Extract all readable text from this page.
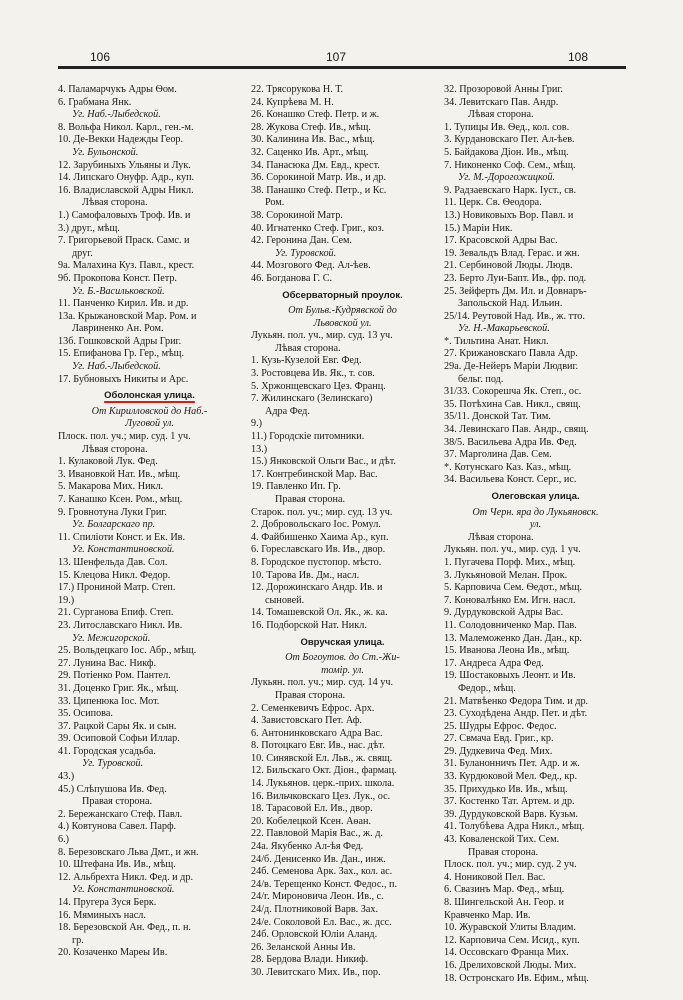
106	107	108
4. Паламарчукъ Адры Ѳом.
6. Грабмана Янк.
Уг. Наб.-Лыбедской.
8. Вольфа Никол. Карл., ген.-м.
10. Де-Векки Надежды Геор.
Уг. Бульонской.
12. Зарубиныхъ Ульяны и Лук.
14. Липскаго Онуфр. Адр., куп.
16. Владиславской Адры Никл.
Лѣвая сторона.
1.) Самофаловыхъ Троф. Ив. и
3.) друг., мѣщ.
7. Григорьевой Праск. Самс. и
друг.
9а. Малахина Куз. Павл., крест.
9б. Прокопова Конст. Петр.
Уг. Б.-Васильковской.
11. Панченко Кирил. Ив. и др.
13а. Крыжановской Мар. Ром. и
Лавриненко Ан. Ром.
13б. Гошковской Адры Григ.
15. Епифанова Гр. Гер., мѣщ.
Уг. Наб.-Лыбедской.
17. Бубновыхъ Никиты и Арс.
Оболонская улица.
От Кирилловской до Наб.-
Луговой ул.
Плоск. пол. уч.; мир. суд. 1 уч.
Лѣвая сторона.
1. Кулаковой Лук. Фед.
3. Ивановкой Нат. Ив., мѣщ.
5. Макарова Мих. Никл.
7. Канашко Ксен. Ром., мѣщ.
9. Гровнотуна Луки Григ.
Уг. Болгарскаго пр.
11. Спиліоти Конст. и Ек. Ив.
Уг. Константиновской.
13. Шенфельда Дав. Сол.
15. Клецова Никл. Федор.
17.) Прониной Матр. Степ.
19.)
21. Сурганова Епиф. Степ.
23. Литославскаго Никл. Ив.
Уг. Межигорской.
25. Вольдецкаго Іос. Абр., мѣщ.
27. Лунина Вас. Никф.
29. Потіенко Ром. Пантел.
31. Доценко Григ. Як., мѣщ.
33. Ципенюка Іос. Мот.
35. Осипова.
37. Рацкой Сары Як. и сын.
39. Осиповой Софьи Иллар.
41. Городская усадьба.
Уг. Туровской.
43.)
45.) Слѣпушова Ив. Фед.
Правая сторона.
2. Бережанскаго Стеф. Павл.
4.) Ковтунова Савел. Парф.
6.)
8. Березовскаго Льва Дмт., и жн.
10. Штефана Ив. Ив., мѣщ.
12. Альбрехта Никл. Фед. и др.
Уг. Константиновской.
14. Пругера Зуся Берк.
16. Мяминыхъ насл.
18. Березовской Ан. Фед., п. н.
гр.
20. Козаченко Мареы Ив.
22. Трясорукова Н. Т.
24. Купрѣева М. Н.
26. Конашко Стеф. Петр. и ж.
28. Жукова Стеф. Ив., мѣщ.
30. Калинина Ив. Вас., мѣщ.
32. Саценко Ив. Арт., мѣщ.
34. Панасюка Дм. Евд., крест.
36. Сорокиной Матр. Ив., и др.
38. Панашко Стеф. Петр., и Кс.
Ром.
38. Сорокиной Матр.
40. Игнатенко Стеф. Григ., коз.
42. Геронина Дан. Сем.
Уг. Туровской.
44. Мозгового Фед. Ал-ѣев.
46. Богданова Г. С.
Обсерваторный проулок.
От Бульв.-Кудрявской до
Львовской ул.
Лукьян. пол. уч., мир. суд. 13 уч.
Лѣвая сторона.
1. Кузь-Кузелой Евг. Фед.
3. Ростовцева Ив. Як., т. сов.
5. Хржонщевскаго Цез. Франц.
7. Жилинскаго (Зелинскаго)
Адра Фед.
9.)
11.) Городскіе питомники.
13.)
15.) Янковской Ольги Вас., и дѣт.
17. Контребинской Мар. Вас.
19. Павленко Ип. Гр.
Правая сторона.
Старок. пол. уч.; мир. суд. 13 уч.
2. Добровольскаго Іос. Ромул.
4. Файбишенко Хаима Ар., куп.
6. Гореславскаго Ив. Ив., двор.
8. Городское пустопор. мѣсто.
10. Тарова Ив. Дм., насл.
12. Дорожинскаго Андр. Ив. и
сыновей.
14. Томашевской Ол. Як., ж. ка.
16. Подборской Нат. Никл.
Овручская улица.
От Богоутов. до Ст.-Жи-
томір. ул.
Лукьян. пол. уч.; мир. суд. 14 уч.
Правая сторона.
2. Семенкевичъ Ефрос. Арх.
4. Завистовскаго Пет. Аф.
6. Антонинковскаго Адра Вас.
8. Потоцкаго Евг. Ив., нас. дѣт.
10. Синявской Ел. Льв., ж. свящ.
12. Бильскаго Окт. Діон., фармац.
14. Лукьянов. церк.-прих. школа.
16. Вильчковскаго Цез. Лук., ос.
18. Тарасовой Ел. Ив., двор.
20. Кобелецкой Ксен. Аѳан.
22. Павловой Марія Вас., ж. д.
24а. Якубенко Ал-ѣя Фед.
24/б. Денисенко Ив. Дан., инж.
24б. Семенова Арк. Зах., кол. ас.
24/в. Терещенко Конст. Федос., п.
24/г. Мироновича Леон. Ив., с.
24/д. Плотниковой Варв. Зах.
24/е. Соколовой Ел. Вас., ж. дсс.
24б. Орловской Юліи Аланд.
26. Зеланской Анны Ив.
28. Бердова Влади. Никиф.
30. Левитскаго Мих. Ив., пор.
32. Прозоровой Анны Григ.
34. Левитскаго Пав. Андр.
Лѣвая сторона.
1. Тупицы Ив. Ѳед., кол. сов.
3. Курдановскаго Пет. Ал-ѣев.
5. Байдакова Діон. Ив., мѣщ.
7. Никоненко Соф. Сем., мѣщ.
Уг. М.-Дорогожицкой.
9. Радзаевскаго Нарк. Іуст., св.
11. Церк. Св. Ѳеодора.
13.) Новиковыхъ Вор. Павл. и
15.) Маріи Ник.
17. Красовской Адры Вас.
19. Зевальдъ Влад. Герас. и жн.
21. Сербиновой Люды. Людв.
23. Берто Луи-Бапт. Ив., фр. под.
25. Зейферть Дм. Ил. и Довнаръ-
Запольской Над. Ильин.
25/14. Реутовой Над. Ив., ж. тто.
Уг. Н.-Макарьевской.
*. Тильтина Анат. Никл.
27. Крижановскаго Павла Адр.
29а. Де-Нейеръ Маріи Людвиг.
бельг. под.
31/33. Сокорешча Як. Степ., ос.
35. Потѣхина Сав. Никл., свящ.
35/11. Донской Тат. Тим.
34. Левинскаго Пав. Андр., свящ.
38/5. Васильева Адра Ив. Фед.
37. Марголина Дав. Сем.
*. Котунскаго Каз. Каз., мѣщ.
34. Васильева Конст. Серг., ис.
Олеговская улица.
От Черн. яра до Лукьяновск.
ул.
Лѣвая сторона.
Лукьян. пол. уч., мир. суд. 1 уч.
1. Пугачева Порф. Мих., мѣщ.
3. Лукьяновой Мелан. Прок.
5. Карповича Сем. Ѳедот., мѣщ.
7. Коновалѣнко Ем. Игн. насл.
9. Дурдуковской Адры Вас.
11. Солодовниченко Мар. Пав.
13. Малеможенко Дан. Дан., кр.
15. Иванова Леона Ив., мѣщ.
17. Андреса Адра Фед.
19. Шостаковыхъ Леонт. и Ив.
Федор., мѣщ.
21. Матвѣенко Федора Тим. и др.
23. Суходѣдена Андр. Пет. и дѣт.
25. Шудры Ефрос. Федос.
27. Свмача Евд. Григ., кр.
29. Дудкевича Фед. Мих.
31. Буланонничъ Пет. Адр. и ж.
33. Курдюковой Мел. Фед., кр.
35. Прихудько Ив. Ив., мѣщ.
37. Костенко Тат. Артем. и др.
39. Дурдуковской Варв. Кузьм.
41. Толубѣева Адра Никл., мѣщ.
43. Коваленской Тих. Сем.
Правая сторона.
Плоск. пол. уч.; мир. суд. 2 уч.
4. Нониковой Пел. Вас.
6. Свазинъ Мар. Фед., мѣщ.
8. Шингельской Ан. Геор. и
Кравченко Мар. Ив.
10. Журавской Улиты Владим.
12. Карповича Сем. Исид., куп.
14. Оссовскаго Франца Мих.
16. Дрелиховской Люды. Мих.
18. Остронскаго Ив. Ефим., мѣщ.
